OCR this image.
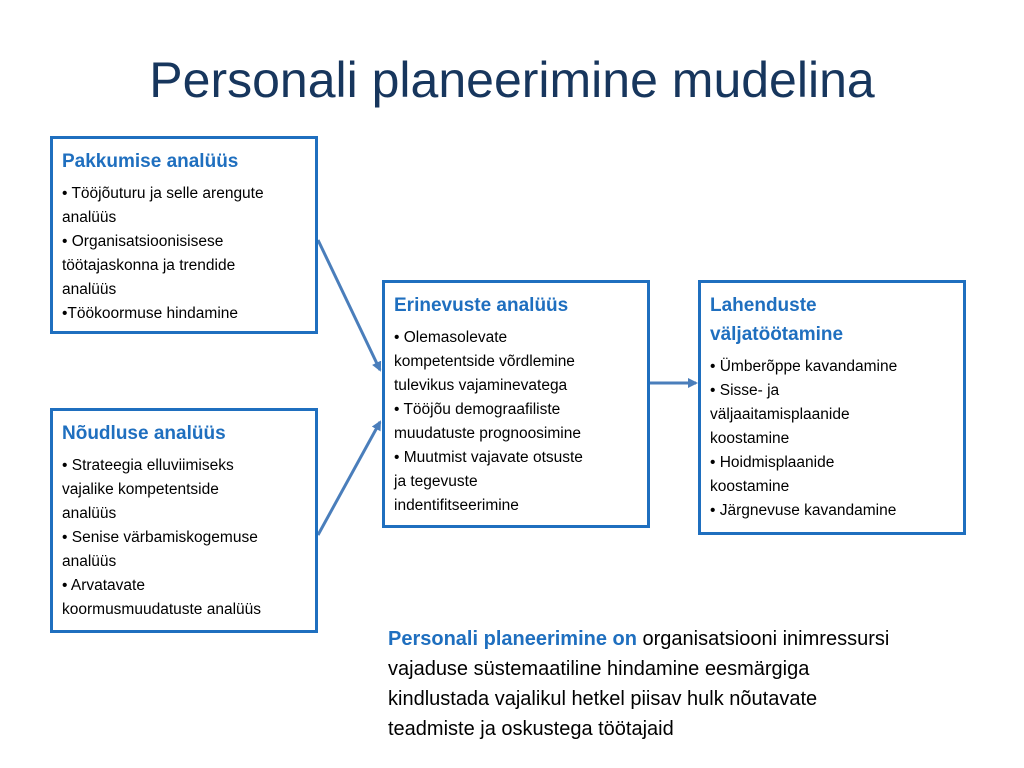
Personali planeerimine mudelina
Pakkumise analüüs
• Tööjõuturu ja selle arengute
analüüs
• Organisatsioonisisese
töötajaskonna ja trendide
analüüs
•Töökoormuse hindamine
Nõudluse analüüs
• Strateegia elluviimiseks
vajalike kompetentside
analüüs
• Senise värbamiskogemuse
analüüs
• Arvatavate
koormusmuudatuste analüüs
Erinevuste analüüs
• Olemasolevate
kompetentside võrdlemine
tulevikus vajaminevatega
• Tööjõu demograafiliste
muudatuste prognoosimine
• Muutmist vajavate otsuste
ja tegevuste
indentifitseerimine
Lahenduste
väljatöötamine
• Ümberõppe kavandamine
• Sisse- ja
väljaaitamisplaanide
koostamine
• Hoidmisplaanide
koostamine
• Järgnevuse kavandamine
Personali planeerimine on organisatsiooni inimressursi
vajaduse süstemaatiline hindamine eesmärgiga
kindlustada vajalikul hetkel piisav hulk nõutavate
teadmiste ja oskustega töötajaid
